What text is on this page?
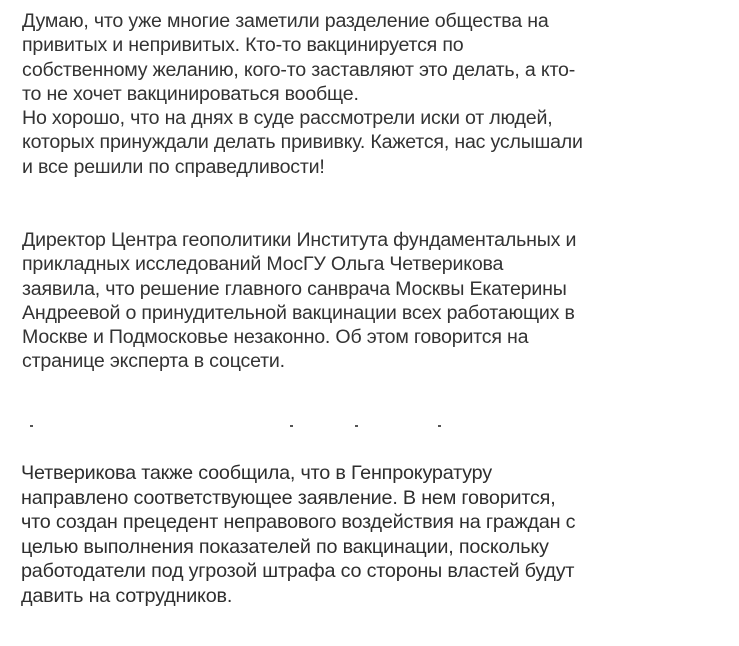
Думаю, что уже многие заметили разделение общества на
привитых и непривитых. Кто-то вакцинируется по
собственному желанию, кого-то заставляют это делать, а кто-
то не хочет вакцинироваться вообще.
Но хорошо, что на днях в суде рассмотрели иски от людей,
которых принуждали делать прививку. Кажется, нас услышали
и все решили по справедливости!
Директор Центра геополитики Института фундаментальных и
прикладных исследований МосГУ Ольга Четверикова
заявила, что решение главного санврача Москвы Екатерины
Андреевой о принудительной вакцинации всех работающих в
Москве и Подмосковье незаконно. Об этом говорится на
странице эксперта в соцсети.
Четверикова также сообщила, что в Генпрокуратуру
направлено соответствующее заявление. В нем говорится,
что создан прецедент неправового воздействия на граждан с
целью выполнения показателей по вакцинации, поскольку
работодатели под угрозой штрафа со стороны властей будут
давить на сотрудников.
